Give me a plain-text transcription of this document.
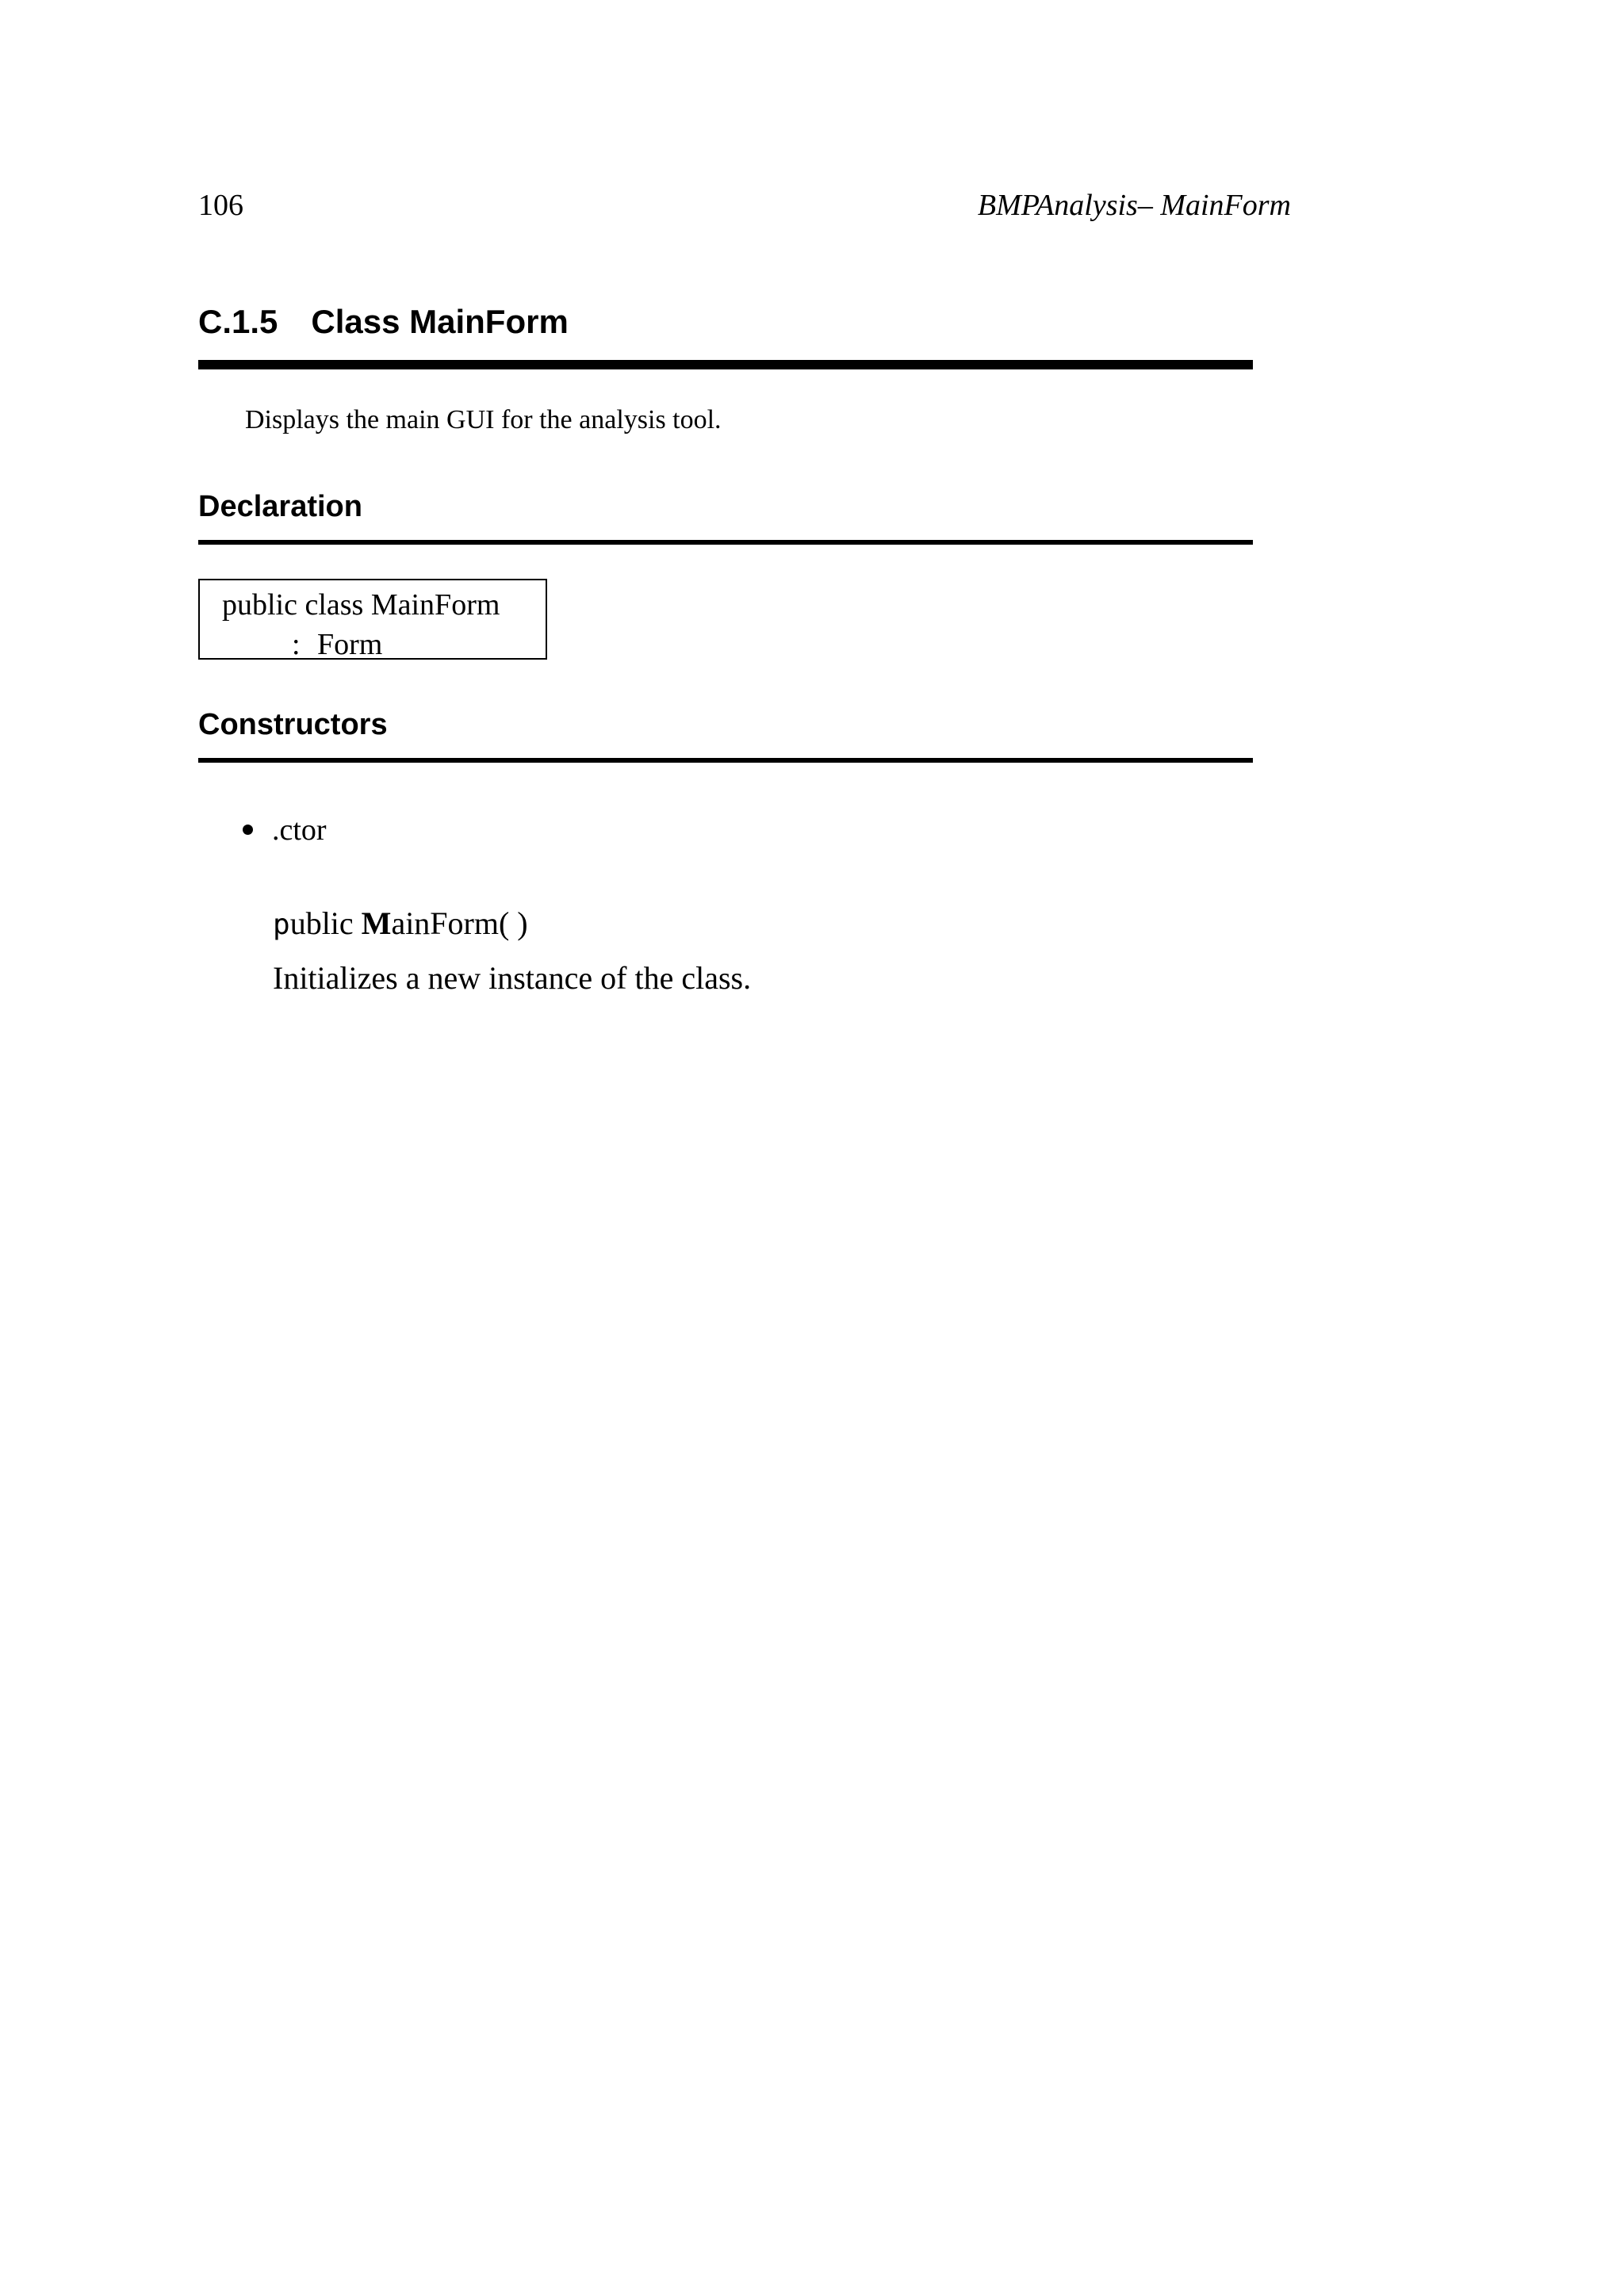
106	BMPAnalysis– MainForm
C.1.5 Class MainForm
Displays the main GUI for the analysis tool.
Declaration
public class MainForm
: Form
Constructors
.ctor
public MainForm( )
Initializes a new instance of the class.
